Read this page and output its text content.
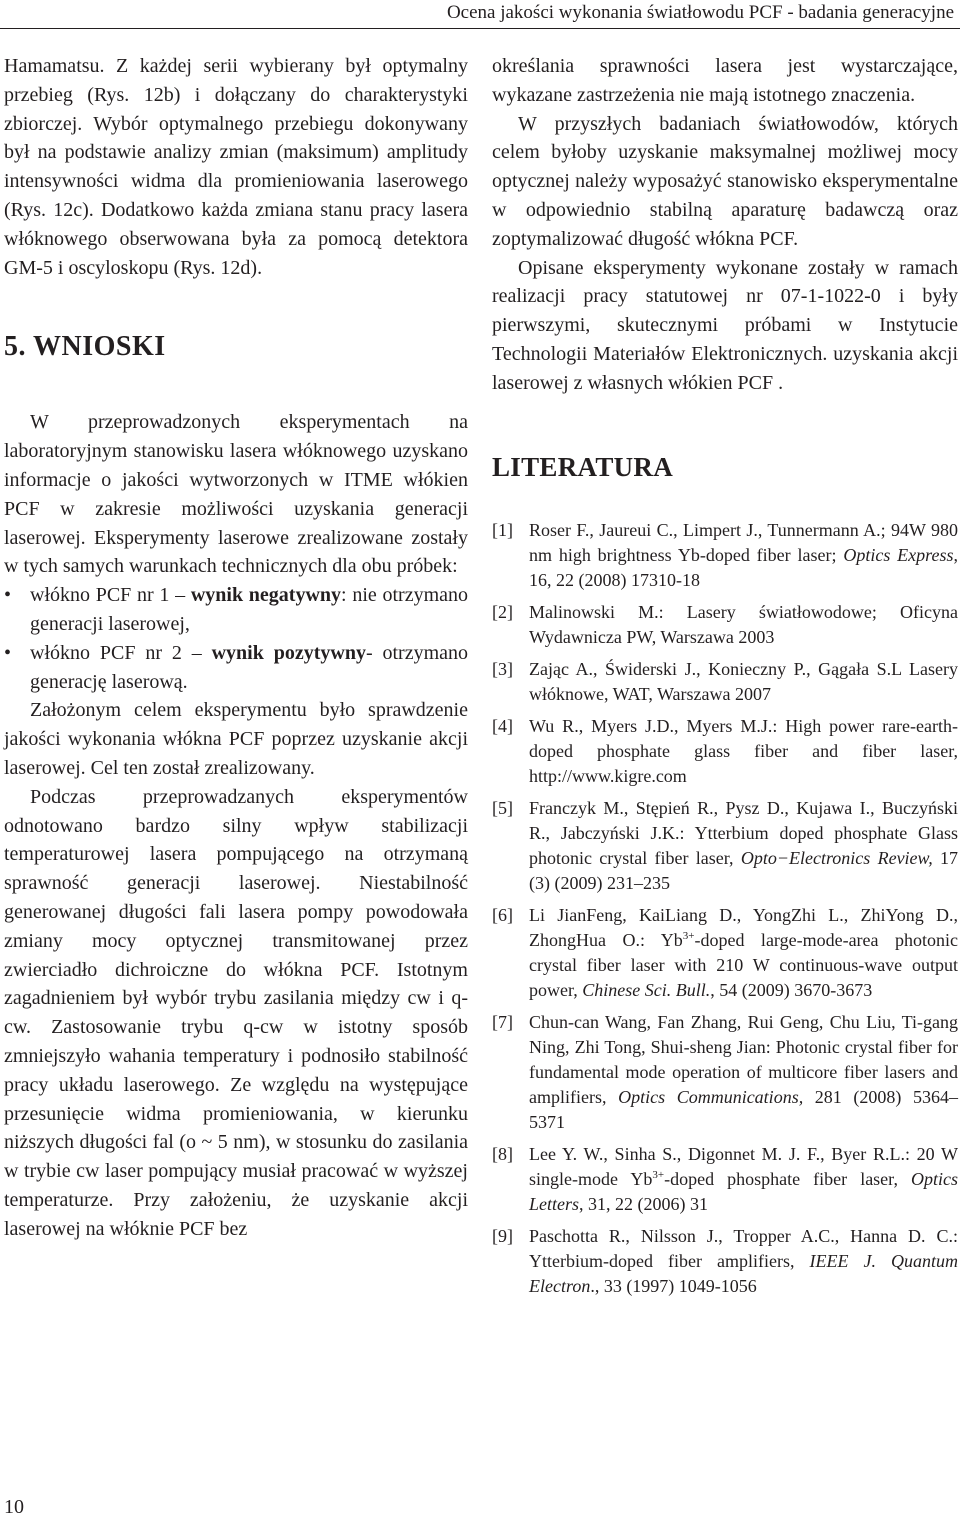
Ocena jakości wykonania światłowodu PCF - badania generacyjne

Hamamatsu. Z każdej serii wybierany był optymalny przebieg (Rys. 12b) i dołączany do charakterystyki zbiorczej. Wybór optymalnego przebiegu dokonywany był na podstawie analizy zmian (maksimum) amplitudy intensywności widma dla promieniowania laserowego (Rys. 12c). Dodatkowo każda zmiana stanu pracy lasera włóknowego obserwowana była za pomocą detektora GM-5 i oscyloskopu (Rys. 12d).

5. WNIOSKI

W przeprowadzonych eksperymentach na laboratoryjnym stanowisku lasera włóknowego uzyskano informacje o jakości wytworzonych w ITME włókien PCF w zakresie możliwości uzyskania generacji laserowej. Eksperymenty laserowe zrealizowane zostały w tych samych warunkach technicznych dla obu próbek:

• włókno PCF nr 1 – wynik negatywny: nie otrzymano generacji laserowej,
• włókno PCF nr 2 – wynik pozytywny- otrzymano generację laserową.

Założonym celem eksperymentu było sprawdzenie jakości wykonania włókna PCF poprzez uzyskanie akcji laserowej. Cel ten został zrealizowany.

Podczas przeprowadzanych eksperymentów odnotowano bardzo silny wpływ stabilizacji temperaturowej lasera pompującego na otrzymaną sprawność generacji laserowej. Niestabilność generowanej długości fali lasera pompy powodowała zmiany mocy optycznej transmitowanej przez zwierciadło dichroiczne do włókna PCF. Istotnym zagadnieniem był wybór trybu zasilania między cw i q-cw. Zastosowanie trybu q-cw w istotny sposób zmniejszyło wahania temperatury i podnosiło stabilność pracy układu laserowego. Ze względu na występujące przesunięcie widma promieniowania, w kierunku niższych długości fal (o ~ 5 nm), w stosunku do zasilania w trybie cw laser pompujący musiał pracować w wyższej temperaturze. Przy założeniu, że uzyskanie akcji laserowej na włóknie PCF bez

określania sprawności lasera jest wystarczające, wykazane zastrzeżenia nie mają istotnego znaczenia.

W przyszłych badaniach światłowodów, których celem byłoby uzyskanie maksymalnej możliwej mocy optycznej należy wyposażyć stanowisko eksperymentalne w odpowiednio stabilną aparaturę badawczą oraz zoptymalizować długość włókna PCF.

Opisane eksperymenty wykonane zostały w ramach realizacji pracy statutowej nr 07-1-1022-0 i były pierwszymi, skutecznymi próbami w Instytucie Technologii Materiałów Elektronicznych. uzyskania akcji laserowej z własnych włókien PCF .

LITERATURA
[1] Roser F., Jaureui C., Limpert J., Tunnermann A.; 94W 980 nm high brightness Yb-doped fiber laser; Optics Express, 16, 22 (2008) 17310-18
[2] Malinowski M.: Lasery światłowodowe; Oficyna Wydawnicza PW, Warszawa 2003
[3] Zając A., Świderski J., Konieczny P., Gągała S.L Lasery włóknowe, WAT, Warszawa 2007
[4] Wu R., Myers J.D., Myers M.J.: High power rare-earth-doped phosphate glass fiber and fiber laser, http://www.kigre.com
[5] Franczyk M., Stępień R., Pysz D., Kujawa I., Buczyński R., Jabczyński J.K.: Ytterbium doped phosphate Glass photonic crystal fiber laser, Opto−Electronics Review, 17 (3) (2009) 231–235
[6] Li JianFeng, KaiLiang D., YongZhi L., ZhiYong D., ZhongHua O.: $Yb^{3+}$-doped large-mode-area photonic crystal fiber laser with 210 W continuous-wave output power, Chinese Sci. Bull., 54 (2009) 3670-3673
[7] Chun-can Wang, Fan Zhang, Rui Geng, Chu Liu, Ti-gang Ning, Zhi Tong, Shui-sheng Jian: Photonic crystal fiber for fundamental mode operation of multicore fiber lasers and amplifiers, Optics Communications, 281 (2008) 5364–5371
[8] Lee Y. W., Sinha S., Digonnet M. J. F., Byer R.L.: 20 W single-mode $Yb^{3+}$-doped phosphate fiber laser, Optics Letters, 31, 22 (2006) 31
[9] Paschotta R., Nilsson J., Tropper A.C., Hanna D. C.: Ytterbium-doped fiber amplifiers, IEEE J. Quantum Electron., 33 (1997) 1049-1056
10
